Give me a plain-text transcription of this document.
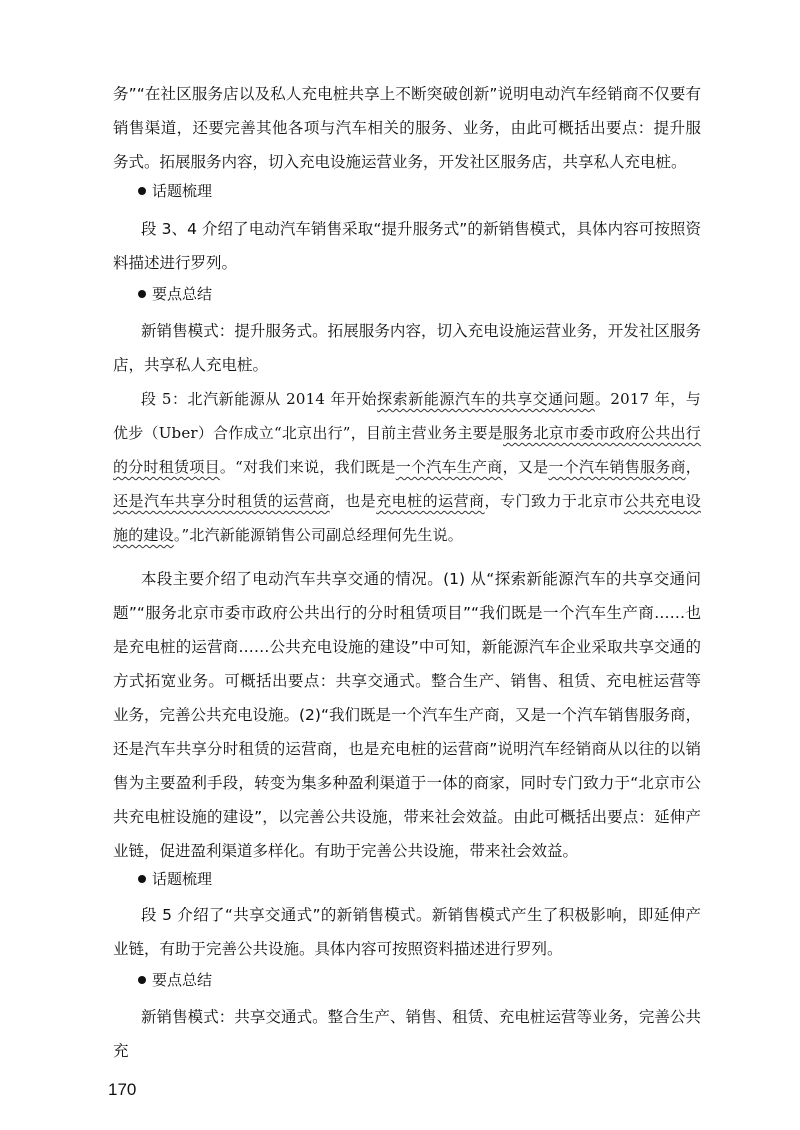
务”“在社区服务店以及私人充电桩共享上不断突破创新”说明电动汽车经销商不仅要有销售渠道，还要完善其他各项与汽车相关的服务、业务，由此可概括出要点：提升服务式。拓展服务内容，切入充电设施运营业务，开发社区服务店，共享私人充电桩。

话题梳理

段 3、4 介绍了电动汽车销售采取“提升服务式”的新销售模式，具体内容可按照资料描述进行罗列。

要点总结

新销售模式：提升服务式。拓展服务内容，切入充电设施运营业务，开发社区服务店，共享私人充电桩。

段 5：北汽新能源从 2014 年开始探索新能源汽车的共享交通问题。2017 年，与优步（Uber）合作成立“北京出行”，目前主营业务主要是服务北京市委市政府公共出行的分时租赁项目。“对我们来说，我们既是一个汽车生产商，又是一个汽车销售服务商，还是汽车共享分时租赁的运营商，也是充电桩的运营商，专门致力于北京市公共充电设施的建设。”北汽新能源销售公司副总经理何先生说。

本段主要介绍了电动汽车共享交通的情况。(1) 从“探索新能源汽车的共享交通问题”“服务北京市委市政府公共出行的分时租赁项目”“我们既是一个汽车生产商……也是充电桩的运营商……公共充电设施的建设”中可知，新能源汽车企业采取共享交通的方式拓宽业务。可概括出要点：共享交通式。整合生产、销售、租赁、充电桩运营等业务，完善公共充电设施。(2)“我们既是一个汽车生产商，又是一个汽车销售服务商，还是汽车共享分时租赁的运营商，也是充电桩的运营商”说明汽车经销商从以往的以销售为主要盈利手段，转变为集多种盈利渠道于一体的商家，同时专门致力于“北京市公共充电桩设施的建设”，以完善公共设施，带来社会效益。由此可概括出要点：延伸产业链，促进盈利渠道多样化。有助于完善公共设施，带来社会效益。

话题梳理

段 5 介绍了“共享交通式”的新销售模式。新销售模式产生了积极影响，即延伸产业链，有助于完善公共设施。具体内容可按照资料描述进行罗列。

要点总结

新销售模式：共享交通式。整合生产、销售、租赁、充电桩运营等业务，完善公共充

170
